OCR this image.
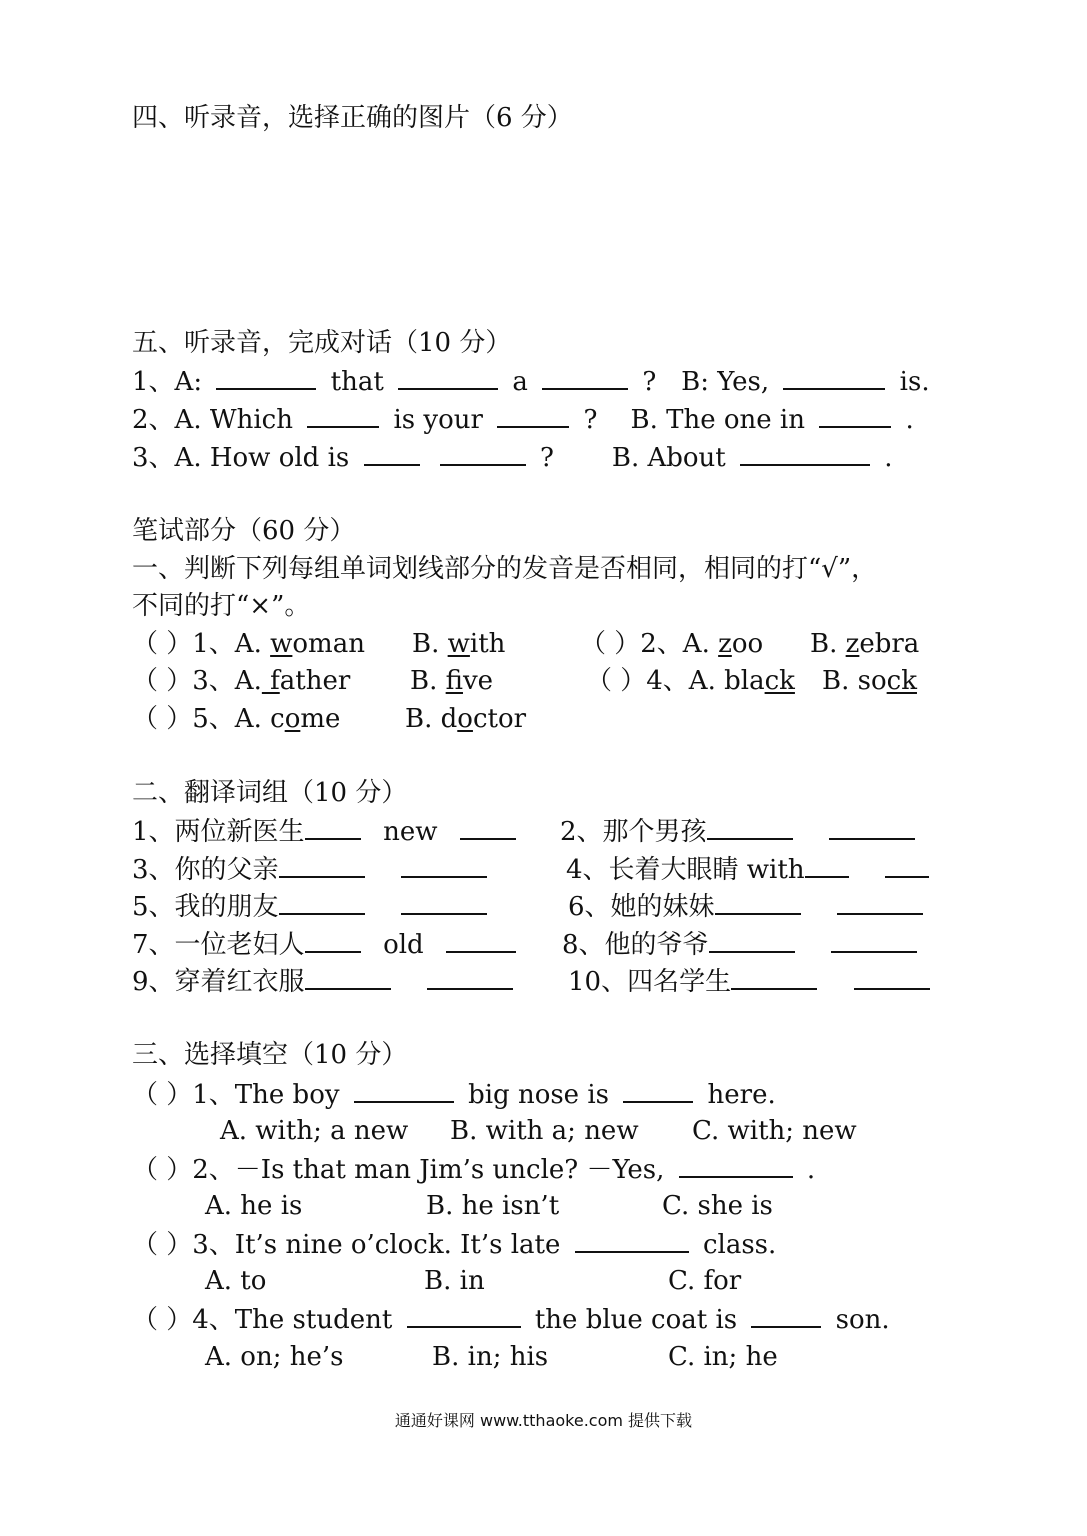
四、听录音，选择正确的图片（6 分）
五、听录音，完成对话（10 分）
1、A:	that	a	? B: Yes,	is.
2、A. Which	is your	? B. The one in	.
3、A. How old is	? B. About	.
笔试部分（60 分）
一、判断下列每组单词划线部分的发音是否相同，相同的打“√”，
不同的打“×”。
（ ）1、A. woman B. with	（ ）2、A. zoo B. zebra
（ ）3、A. father B. five	（ ）4、A. black B. sock
（ ）5、A. come B. doctor
二、翻译词组（10 分）
1、两位新医生	new	2、那个男孩
3、你的父亲	4、长着大眼睛 with
5、我的朋友	6、她的妹妹
7、一位老妇人	old	8、他的爷爷
9、穿着红衣服	10、四名学生
三、选择填空（10 分）
（ ）1、The boy	big nose is	here.
A. with; a new B. with a; new C. with; new
（ ）2、－Is that man Jim’s uncle? －Yes,	.
A. he is	B. he isn’t	C. she is
（ ）3、It’s nine o’clock. It’s late	class.
A. to	B. in	C. for
（ ）4、The student	the blue coat is	son.
A. on; he’s	B. in; his	C. in; he
通通好课网 www.tthaoke.com 提供下载
